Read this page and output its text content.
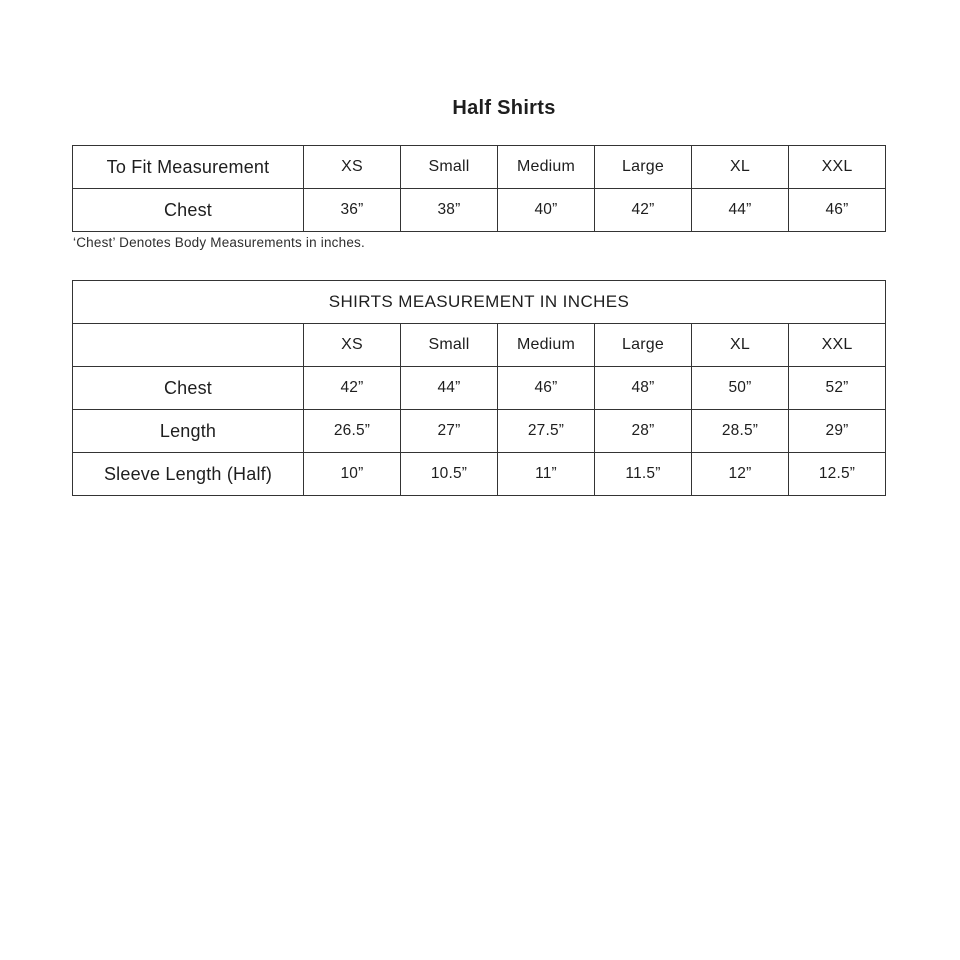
Half Shirts
To Fit Measurement	XS	Small	Medium	Large	XL	XXL
Chest	36”	38”	40”	42”	44”	46”
‘Chest’ Denotes Body Measurements in inches.
SHIRTS MEASUREMENT IN INCHES						
	XS	Small	Medium	Large	XL	XXL
Chest	42”	44”	46”	48”	50”	52”
Length	26.5”	27”	27.5”	28”	28.5”	29”
Sleeve Length (Half)	10”	10.5”	11”	11.5”	12”	12.5”
